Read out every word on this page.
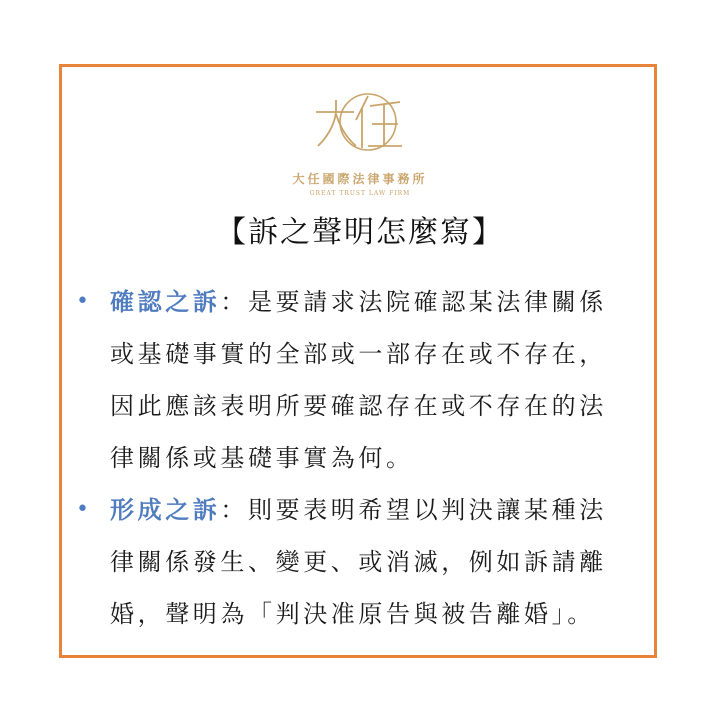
大任國際法律事務所
GREAT TRUST LAW FIRM
【訴之聲明怎麼寫】
• 確認之訴：是要請求法院確認某法律關係
或基礎事實的全部或一部存在或不存在，
因此應該表明所要確認存在或不存在的法
律關係或基礎事實為何。
• 形成之訴：則要表明希望以判決讓某種法
律關係發生、變更、或消滅，例如訴請離
婚，聲明為「判決准原告與被告離婚」。
